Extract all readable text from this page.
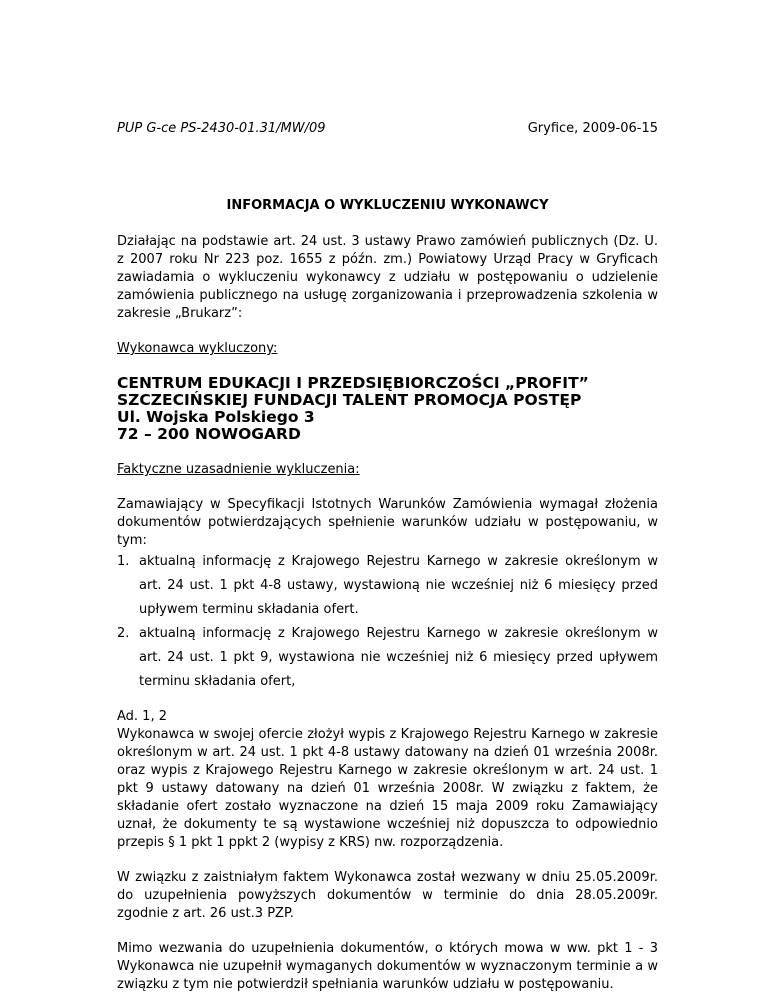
PUP G-ce PS-2430-01.31/MW/09	Gryfice, 2009-06-15
INFORMACJA O WYKLUCZENIU WYKONAWCY

Działając na podstawie art. 24 ust. 3 ustawy Prawo zamówień publicznych (Dz. U. z 2007 roku Nr 223 poz. 1655 z późn. zm.) Powiatowy Urząd Pracy w Gryficach zawiadamia o wykluczeniu wykonawcy z udziału w postępowaniu o udzielenie zamówienia publicznego na usługę zorganizowania i przeprowadzenia szkolenia w zakresie „Brukarz”:

Wykonawca wykluczony:
CENTRUM EDUKACJI I PRZEDSIĘBIORCZOŚCI „PROFIT”
SZCZECIŃSKIEJ FUNDACJI TALENT PROMOCJA POSTĘP
Ul. Wojska Polskiego 3
72 – 200 NOWOGARD
Faktyczne uzasadnienie wykluczenia:

Zamawiający w Specyfikacji Istotnych Warunków Zamówienia wymagał złożenia dokumentów potwierdzających spełnienie warunków udziału w postępowaniu, w tym:

1. aktualną informację z Krajowego Rejestru Karnego w zakresie określonym w art. 24 ust. 1 pkt 4-8 ustawy, wystawioną nie wcześniej niż 6 miesięcy przed upływem terminu składania ofert.
2. aktualną informację z Krajowego Rejestru Karnego w zakresie określonym w art. 24 ust. 1 pkt 9, wystawiona nie wcześniej niż 6 miesięcy przed upływem terminu składania ofert,

Ad. 1, 2

Wykonawca w swojej ofercie złożył wypis z Krajowego Rejestru Karnego w zakresie określonym w art. 24 ust. 1 pkt 4-8 ustawy datowany na dzień 01 września 2008r. oraz wypis z Krajowego Rejestru Karnego w zakresie określonym w art. 24 ust. 1 pkt 9 ustawy datowany na dzień 01 września 2008r. W związku z faktem, że składanie ofert zostało wyznaczone na dzień 15 maja 2009 roku Zamawiający uznał, że dokumenty te są wystawione wcześniej niż dopuszcza to odpowiednio przepis § 1 pkt 1 ppkt 2 (wypisy z KRS) nw. rozporządzenia.

W związku z zaistniałym faktem Wykonawca został wezwany w dniu 25.05.2009r. do uzupełnienia powyższych dokumentów w terminie do dnia 28.05.2009r. zgodnie z art. 26 ust.3 PZP.

Mimo wezwania do uzupełnienia dokumentów, o których mowa w ww. pkt 1 - 3 Wykonawca nie uzupełnił wymaganych dokumentów w wyznaczonym terminie a w związku z tym nie potwierdził spełniania warunków udziału w postępowaniu.
